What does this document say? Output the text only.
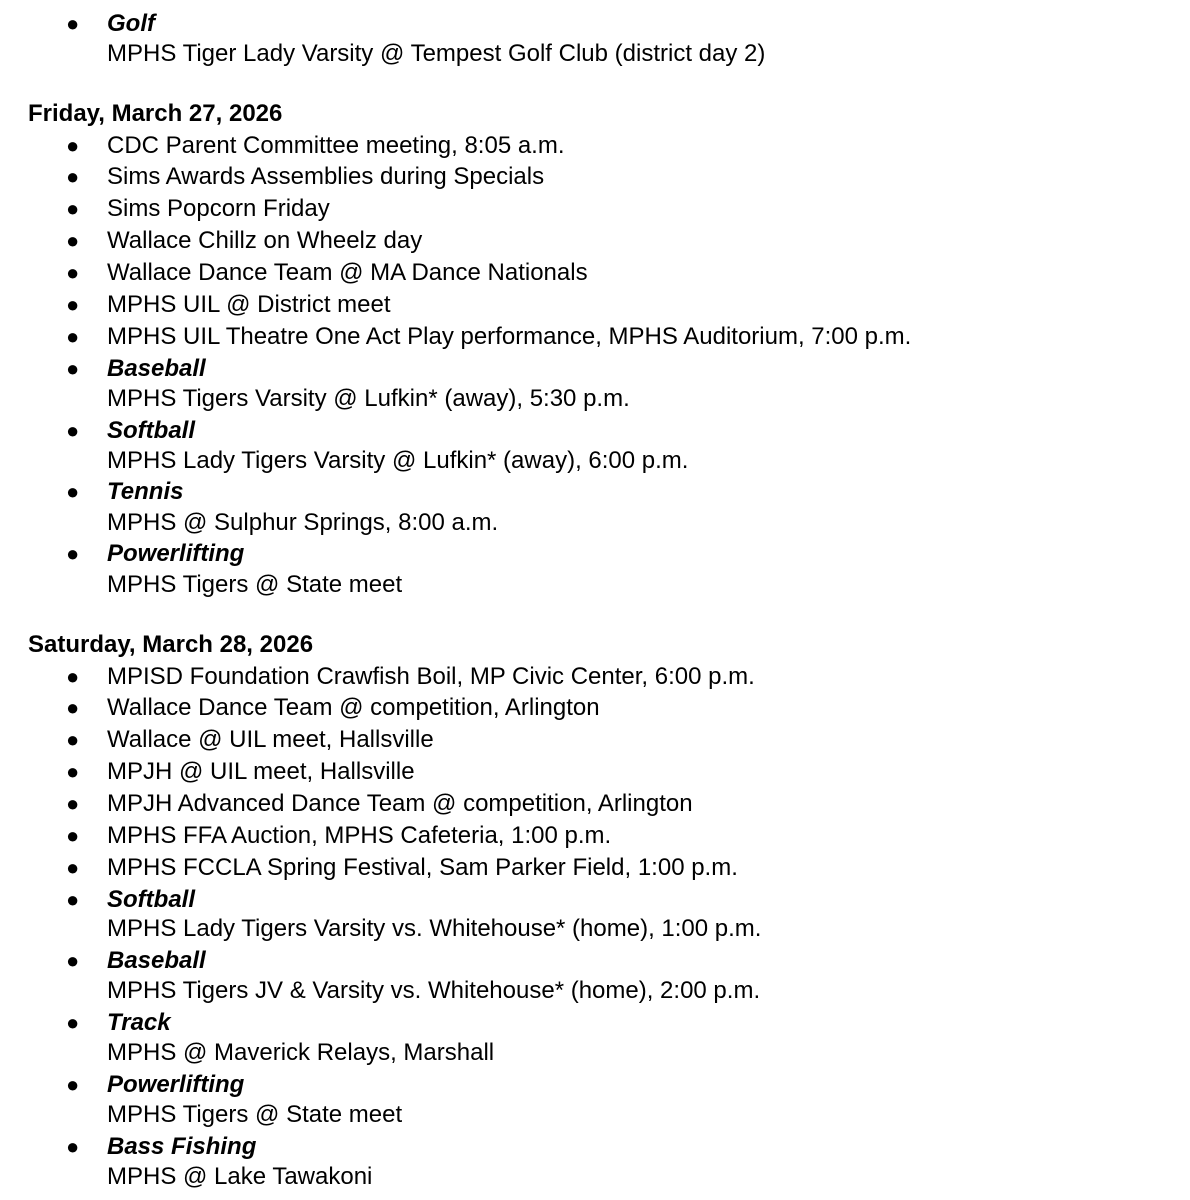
● Golf
MPHS Tiger Lady Varsity @ Tempest Golf Club (district day 2)
Friday, March 27, 2026
● CDC Parent Committee meeting, 8:05 a.m.
● Sims Awards Assemblies during Specials
● Sims Popcorn Friday
● Wallace Chillz on Wheelz day
● Wallace Dance Team @ MA Dance Nationals
● MPHS UIL @ District meet
● MPHS UIL Theatre One Act Play performance, MPHS Auditorium, 7:00 p.m.
● Baseball
MPHS Tigers Varsity @ Lufkin* (away), 5:30 p.m.
● Softball
MPHS Lady Tigers Varsity @ Lufkin* (away), 6:00 p.m.
● Tennis
MPHS @ Sulphur Springs, 8:00 a.m.
● Powerlifting
MPHS Tigers @ State meet
Saturday, March 28, 2026
● MPISD Foundation Crawfish Boil, MP Civic Center, 6:00 p.m.
● Wallace Dance Team @ competition, Arlington
● Wallace @ UIL meet, Hallsville
● MPJH @ UIL meet, Hallsville
● MPJH Advanced Dance Team @ competition, Arlington
● MPHS FFA Auction, MPHS Cafeteria, 1:00 p.m.
● MPHS FCCLA Spring Festival, Sam Parker Field, 1:00 p.m.
● Softball
MPHS Lady Tigers Varsity vs. Whitehouse* (home), 1:00 p.m.
● Baseball
MPHS Tigers JV & Varsity vs. Whitehouse* (home), 2:00 p.m.
● Track
MPHS @ Maverick Relays, Marshall
● Powerlifting
MPHS Tigers @ State meet
● Bass Fishing
MPHS @ Lake Tawakoni
